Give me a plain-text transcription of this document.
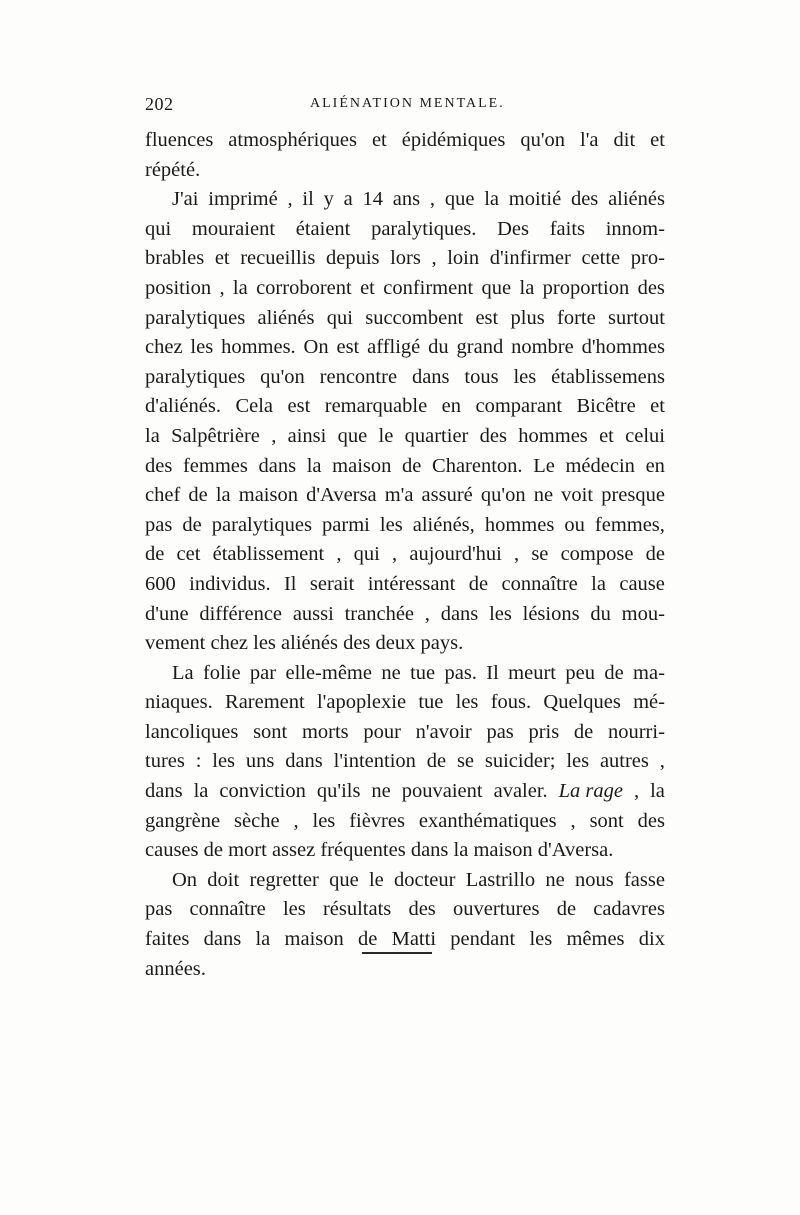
202	ALIÉNATION MENTALE.
fluences atmosphériques et épidémiques qu'on l'a dit et
répété.
J'ai imprimé , il y a 14 ans , que la moitié des aliénés
qui mouraient étaient paralytiques. Des faits innom-
brables et recueillis depuis lors , loin d'infirmer cette pro-
position , la corroborent et confirment que la proportion des
paralytiques aliénés qui succombent est plus forte surtout
chez les hommes. On est affligé du grand nombre d'hommes
paralytiques qu'on rencontre dans tous les établissemens
d'aliénés. Cela est remarquable en comparant Bicêtre et
la Salpêtrière , ainsi que le quartier des hommes et celui
des femmes dans la maison de Charenton. Le médecin en
chef de la maison d'Aversa m'a assuré qu'on ne voit presque
pas de paralytiques parmi les aliénés, hommes ou femmes,
de cet établissement , qui , aujourd'hui , se compose de
600 individus. Il serait intéressant de connaître la cause
d'une différence aussi tranchée , dans les lésions du mou-
vement chez les aliénés des deux pays.
La folie par elle-même ne tue pas. Il meurt peu de ma-
niaques. Rarement l'apoplexie tue les fous. Quelques mé-
lancoliques sont morts pour n'avoir pas pris de nourri-
tures : les uns dans l'intention de se suicider; les autres ,
dans la conviction qu'ils ne pouvaient avaler. La rage , la
gangrène sèche , les fièvres exanthématiques , sont des
causes de mort assez fréquentes dans la maison d'Aversa.
On doit regretter que le docteur Lastrillo ne nous fasse
pas connaître les résultats des ouvertures de cadavres
faites dans la maison de Matti pendant les mêmes dix
années.
